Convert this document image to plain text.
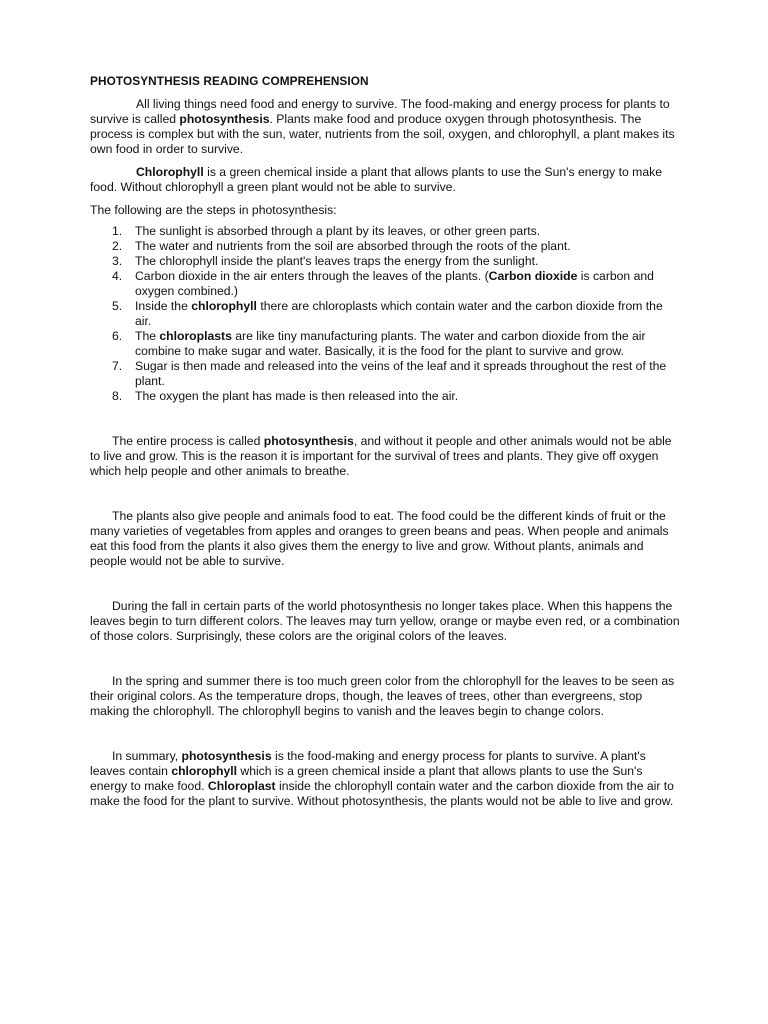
PHOTOSYNTHESIS READING COMPREHENSION

All living things need food and energy to survive. The food-making and energy process for plants to survive is called photosynthesis. Plants make food and produce oxygen through photosynthesis. The process is complex but with the sun, water, nutrients from the soil, oxygen, and chlorophyll, a plant makes its own food in order to survive.

Chlorophyll is a green chemical inside a plant that allows plants to use the Sun's energy to make food. Without chlorophyll a green plant would not be able to survive.

The following are the steps in photosynthesis:

1. The sunlight is absorbed through a plant by its leaves, or other green parts.
2. The water and nutrients from the soil are absorbed through the roots of the plant.
3. The chlorophyll inside the plant's leaves traps the energy from the sunlight.
4. Carbon dioxide in the air enters through the leaves of the plants. (Carbon dioxide is carbon and oxygen combined.)
5. Inside the chlorophyll there are chloroplasts which contain water and the carbon dioxide from the air.
6. The chloroplasts are like tiny manufacturing plants. The water and carbon dioxide from the air combine to make sugar and water. Basically, it is the food for the plant to survive and grow.
7. Sugar is then made and released into the veins of the leaf and it spreads throughout the rest of the plant.
8. The oxygen the plant has made is then released into the air.

The entire process is called photosynthesis, and without it people and other animals would not be able to live and grow. This is the reason it is important for the survival of trees and plants. They give off oxygen which help people and other animals to breathe.

The plants also give people and animals food to eat. The food could be the different kinds of fruit or the many varieties of vegetables from apples and oranges to green beans and peas. When people and animals eat this food from the plants it also gives them the energy to live and grow. Without plants, animals and people would not be able to survive.

During the fall in certain parts of the world photosynthesis no longer takes place. When this happens the leaves begin to turn different colors. The leaves may turn yellow, orange or maybe even red, or a combination of those colors. Surprisingly, these colors are the original colors of the leaves.

In the spring and summer there is too much green color from the chlorophyll for the leaves to be seen as their original colors. As the temperature drops, though, the leaves of trees, other than evergreens, stop making the chlorophyll. The chlorophyll begins to vanish and the leaves begin to change colors.

In summary, photosynthesis is the food-making and energy process for plants to survive. A plant's leaves contain chlorophyll which is a green chemical inside a plant that allows plants to use the Sun's energy to make food. Chloroplast inside the chlorophyll contain water and the carbon dioxide from the air to make the food for the plant to survive. Without photosynthesis, the plants would not be able to live and grow.
